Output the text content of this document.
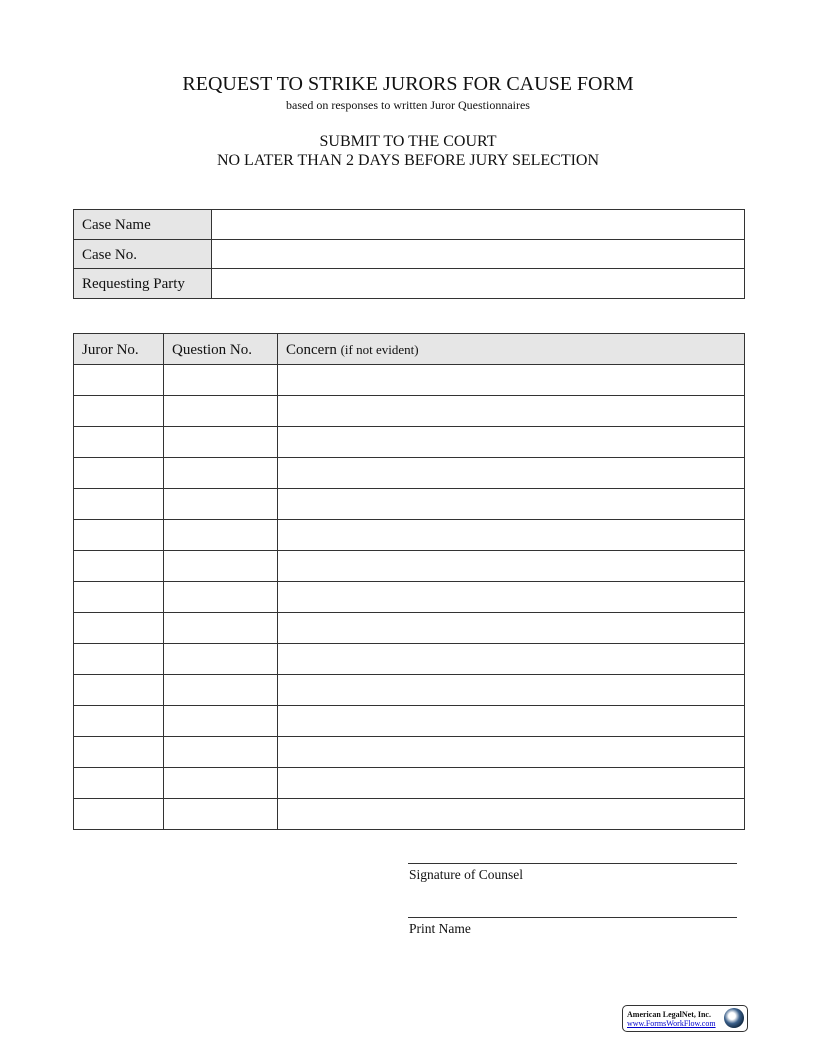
REQUEST TO STRIKE JURORS FOR CAUSE FORM
based on responses to written Juror Questionnaires
SUBMIT TO THE COURT
NO LATER THAN 2 DAYS BEFORE JURY SELECTION
Case Name	
Case No.	
Requesting Party	
Juror No.	Question No.	Concern (if not evident)

Signature of Counsel
Print Name
American LegalNet, Inc.
www.FormsWorkFlow.com
